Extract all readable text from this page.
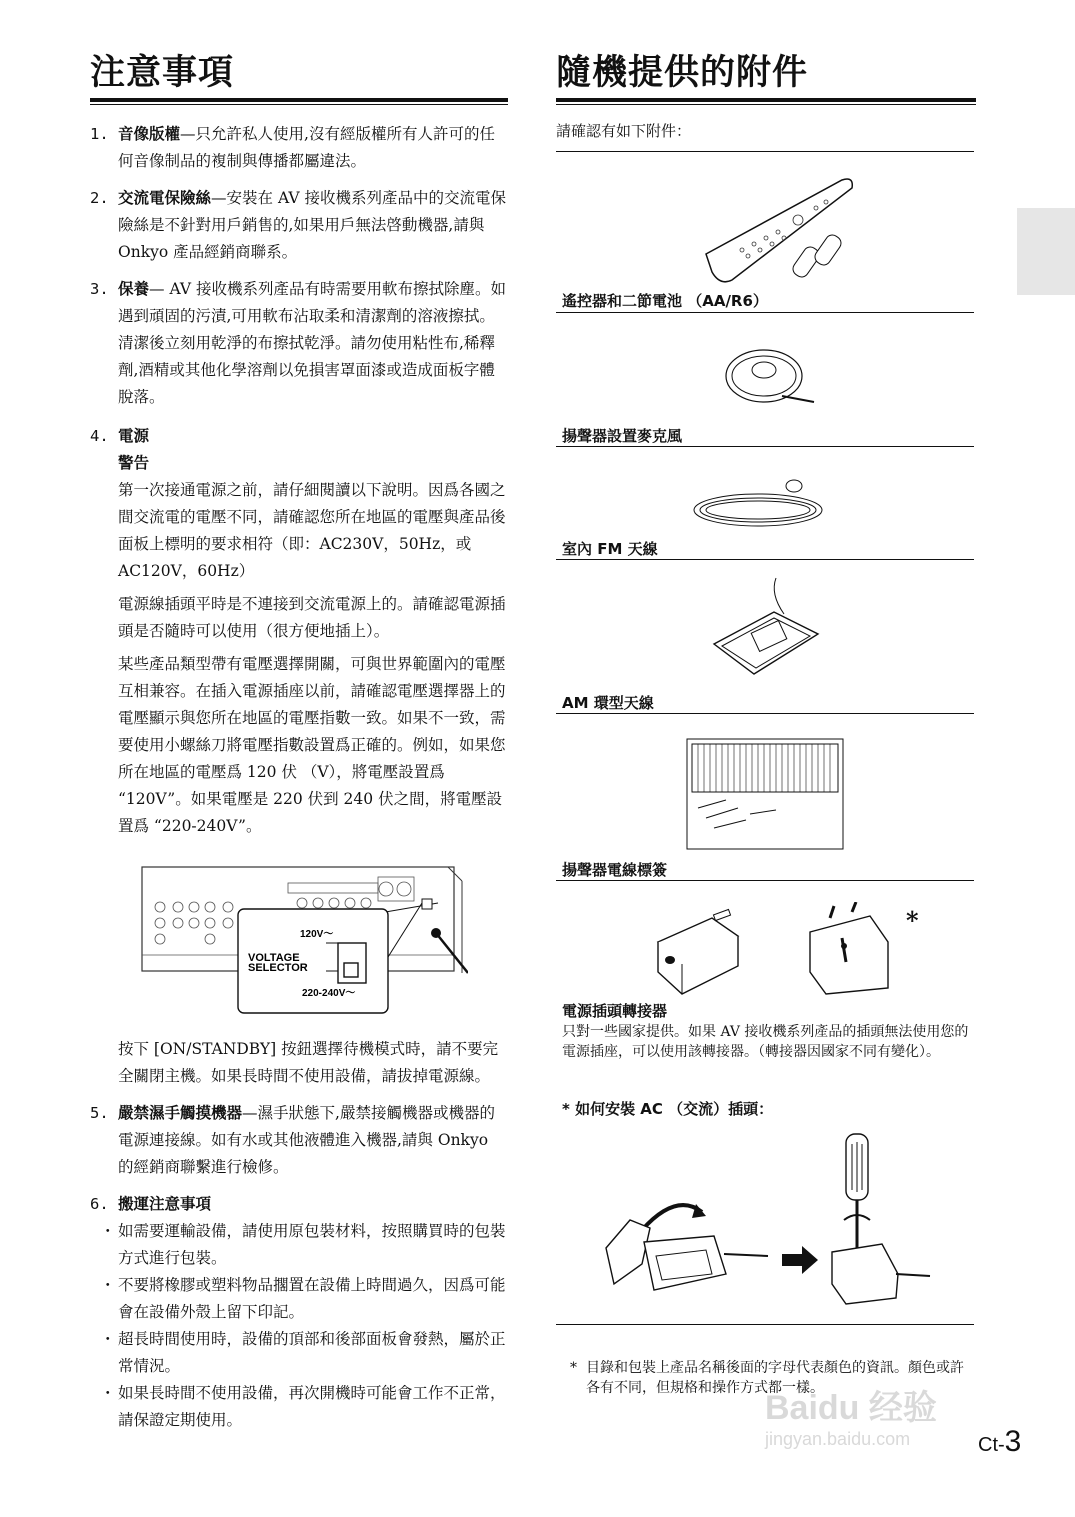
注意事項
1. 音像版權—只允許私人使用,沒有經版權所有人許可的任何音像制品的複制與傳播都屬違法。
2. 交流電保險絲—安裝在 AV 接收機系列產品中的交流電保險絲是不針對用戶銷售的,如果用戶無法啓動機器,請與 Onkyo 產品經銷商聯系。
3. 保養— AV 接收機系列產品有時需要用軟布擦拭除塵。如遇到頑固的污漬,可用軟布沾取柔和清潔劑的溶液擦拭。清潔後立刻用乾淨的布擦拭乾淨。請勿使用粘性布,稀釋劑,酒精或其他化學溶劑以免損害罩面漆或造成面板字體脫落。
4. 電源
警告
第一次接通電源之前，請仔細閱讀以下說明。因爲各國之間交流電的電壓不同，請確認您所在地區的電壓與產品後面板上標明的要求相符（即：AC230V，50Hz，或 AC120V，60Hz）
電源線插頭平時是不連接到交流電源上的。請確認電源插頭是否隨時可以使用（很方便地插上）。
某些產品類型帶有電壓選擇開關，可與世界範圍內的電壓互相兼容。在插入電源插座以前，請確認電壓選擇器上的電壓顯示與您所在地區的電壓指數一致。如果不一致，需要使用小螺絲刀將電壓指數設置爲正確的。例如，如果您所在地區的電壓爲 120 伏 （V），將電壓設置爲 “120V”。如果電壓是 220 伏到 240 伏之間，將電壓設置爲 “220-240V”。
按下 [ON/STANDBY] 按鈕選擇待機模式時，請不要完全關閉主機。如果長時間不使用設備，請拔掉電源線。
5. 嚴禁濕手觸摸機器—濕手狀態下,嚴禁接觸機器或機器的電源連接線。如有水或其他液體進入機器,請與 Onkyo 的經銷商聯繫進行檢修。
6. 搬運注意事項
・ 如需要運輸設備，請使用原包裝材料，按照購買時的包裝方式進行包裝。
・ 不要將橡膠或塑料物品擱置在設備上時間過久，因爲可能會在設備外殼上留下印記。
・ 超長時間使用時，設備的頂部和後部面板會發熱，屬於正常情況。
・ 如果長時間不使用設備，再次開機時可能會工作不正常，請保證定期使用。
120V～
VOLTAGE
SELECTOR
220-240V～
隨機提供的附件
請確認有如下附件：
遙控器和二節電池 （AA/R6）
揚聲器設置麥克風
室內 FM 天線
AM 環型天線
揚聲器電線標簽
*
電源插頭轉接器
只對一些國家提供。如果 AV 接收機系列產品的插頭無法使用您的電源插座，可以使用該轉接器。（轉接器因國家不同有變化）。
* 如何安裝 AC （交流）插頭：
* 目錄和包裝上產品名稱後面的字母代表顏色的資訊。顏色或許各有不同，但規格和操作方式都一樣。
Baidu 经验
jingyan.baidu.com	Ct-3
